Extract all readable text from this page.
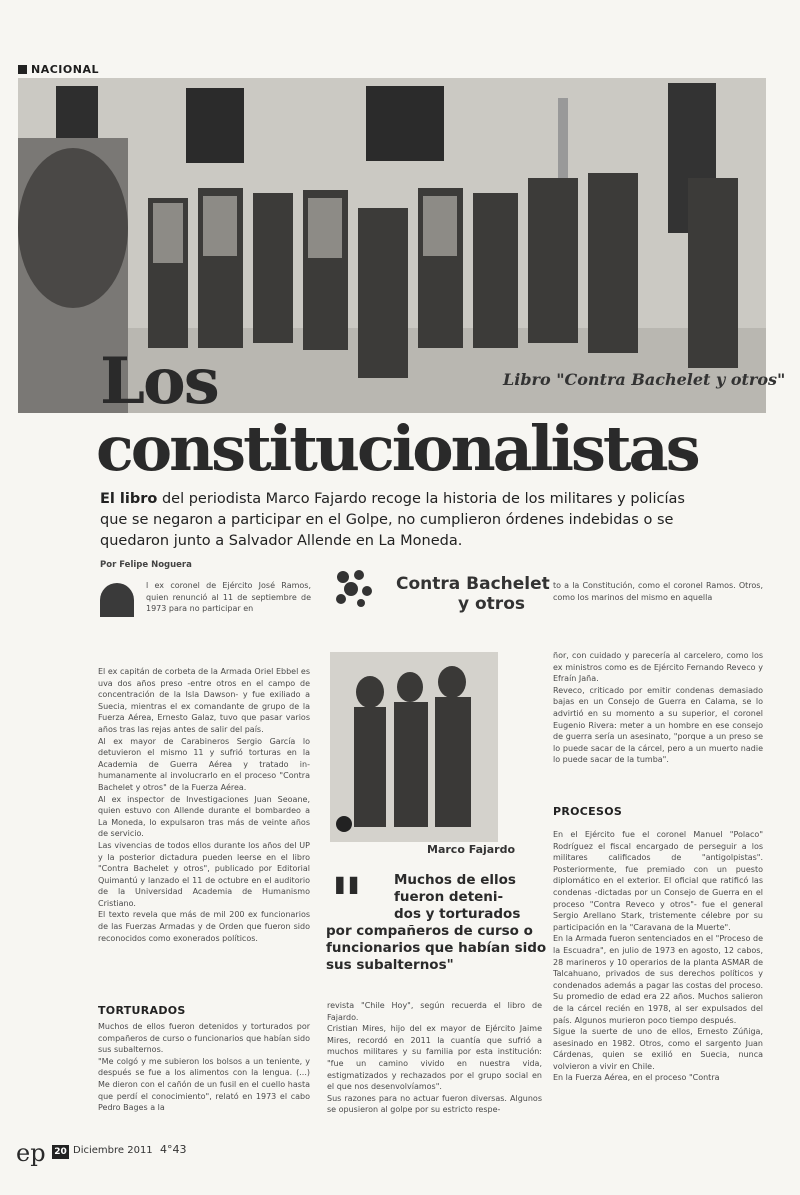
NACIONAL
Libro "Contra Bachelet y otros"
Los
constitucionalistas
El libro del periodista Marco Fajardo recoge la historia de los militares y policías que se negaron a participar en el Golpe, no cumplieron órdenes indebidas o se quedaron junto a Salvador Allende en La Moneda.
Por Felipe Noguera

l ex coronel de Ejército José Ramos, quien renunció al 11 de septiembre de 1973 para no participar en

Contra Bachelet
y otros

to a la Constitución, como el coronel Ramos. Otros, como los marinos del mismo en aquella

El ex capitán de corbeta de la Armada Oriel Ebbel es uva dos años preso -entre otros en el campo de concentración de la Isla Dawson- y fue exiliado a Suecia, mientras el ex comandante de grupo de la Fuerza Aérea, Ernesto Galaz, tuvo que pasar varios años tras las rejas antes de salir del país.

Al ex mayor de Carabineros Sergio García lo detuvieron el mismo 11 y sufrió torturas en la Academia de Guerra Aérea y tratado in-humanamente al involucrarlo en el proceso "Contra Bachelet y otros" de la Fuerza Aérea.

Al ex inspector de Investigaciones Juan Seoane, quien estuvo con Allende durante el bombardeo a La Moneda, lo expulsaron tras más de veinte años de servicio.

Las vivencias de todos ellos durante los años del UP y la posterior dictadura pueden leerse en el libro "Contra Bachelet y otros", publicado por Editorial Quimantú y lanzado el 11 de octubre en el auditorio de la Universidad Academia de Humanismo Cristiano.

El texto revela que más de mil 200 ex funcionarios de las Fuerzas Armadas y de Orden que fueron sido reconocidos como exonerados políticos.

TORTURADOS

Muchos de ellos fueron detenidos y torturados por compañeros de curso o funcionarios que habían sido sus subalternos.

"Me colgó y me subieron los bolsos a un teniente, y después se fue a los alimentos con la lengua. (...) Me dieron con el cañón de un fusil en el cuello hasta que perdí el conocimiento", relató en 1973 el cabo Pedro Bages a la

Marco Fajardo
"	Muchos de ellos
fueron deteni-
dos y torturados
por compañeros de curso o funcionarios que habían sido sus subalternos"

revista "Chile Hoy", según recuerda el libro de Fajardo.

Cristian Mires, hijo del ex mayor de Ejército Jaime Mires, recordó en 2011 la cuantía que sufrió a muchos militares y su familia por esta institución: "fue un camino vivido en nuestra vida, estigmatizados y rechazados por el grupo social en el que nos desenvolvíamos".

Sus razones para no actuar fueron diversas. Algunos se opusieron al golpe por su estricto respe-

ñor, con cuidado y parecería al carcelero, como los ex ministros como es de Ejército Fernando Reveco y Efraín Jaña.

Reveco, criticado por emitir condenas demasiado bajas en un Consejo de Guerra en Calama, se lo advirtió en su momento a su superior, el coronel Eugenio Rivera: meter a un hombre en ese consejo de guerra sería un asesinato, "porque a un preso se lo puede sacar de la cárcel, pero a un muerto nadie lo puede sacar de la tumba".

PROCESOS

En el Ejército fue el coronel Manuel "Polaco" Rodríguez el fiscal encargado de perseguir a los militares calificados de "antigolpistas". Posteriormente, fue premiado con un puesto diplomático en el exterior. El oficial que ratificó las condenas -dictadas por un Consejo de Guerra en el proceso "Contra Reveco y otros"- fue el general Sergio Arellano Stark, tristemente célebre por su participación en la "Caravana de la Muerte".

En la Armada fueron sentenciados en el "Proceso de la Escuadra", en julio de 1973 en agosto, 12 cabos, 28 marineros y 10 operarios de la planta ASMAR de Talcahuano, privados de sus derechos políticos y condenados además a pagar las costas del proceso. Su promedio de edad era 22 años. Muchos salieron de la cárcel recién en 1978, al ser expulsados del país. Algunos murieron poco tiempo después.

Sigue la suerte de uno de ellos, Ernesto Zúñiga, asesinado en 1982. Otros, como el sargento Juan Cárdenas, quien se exilió en Suecia, nunca volvieron a vivir en Chile.

En la Fuerza Aérea, en el proceso "Contra

ep 20 Diciembre 2011 4°43
